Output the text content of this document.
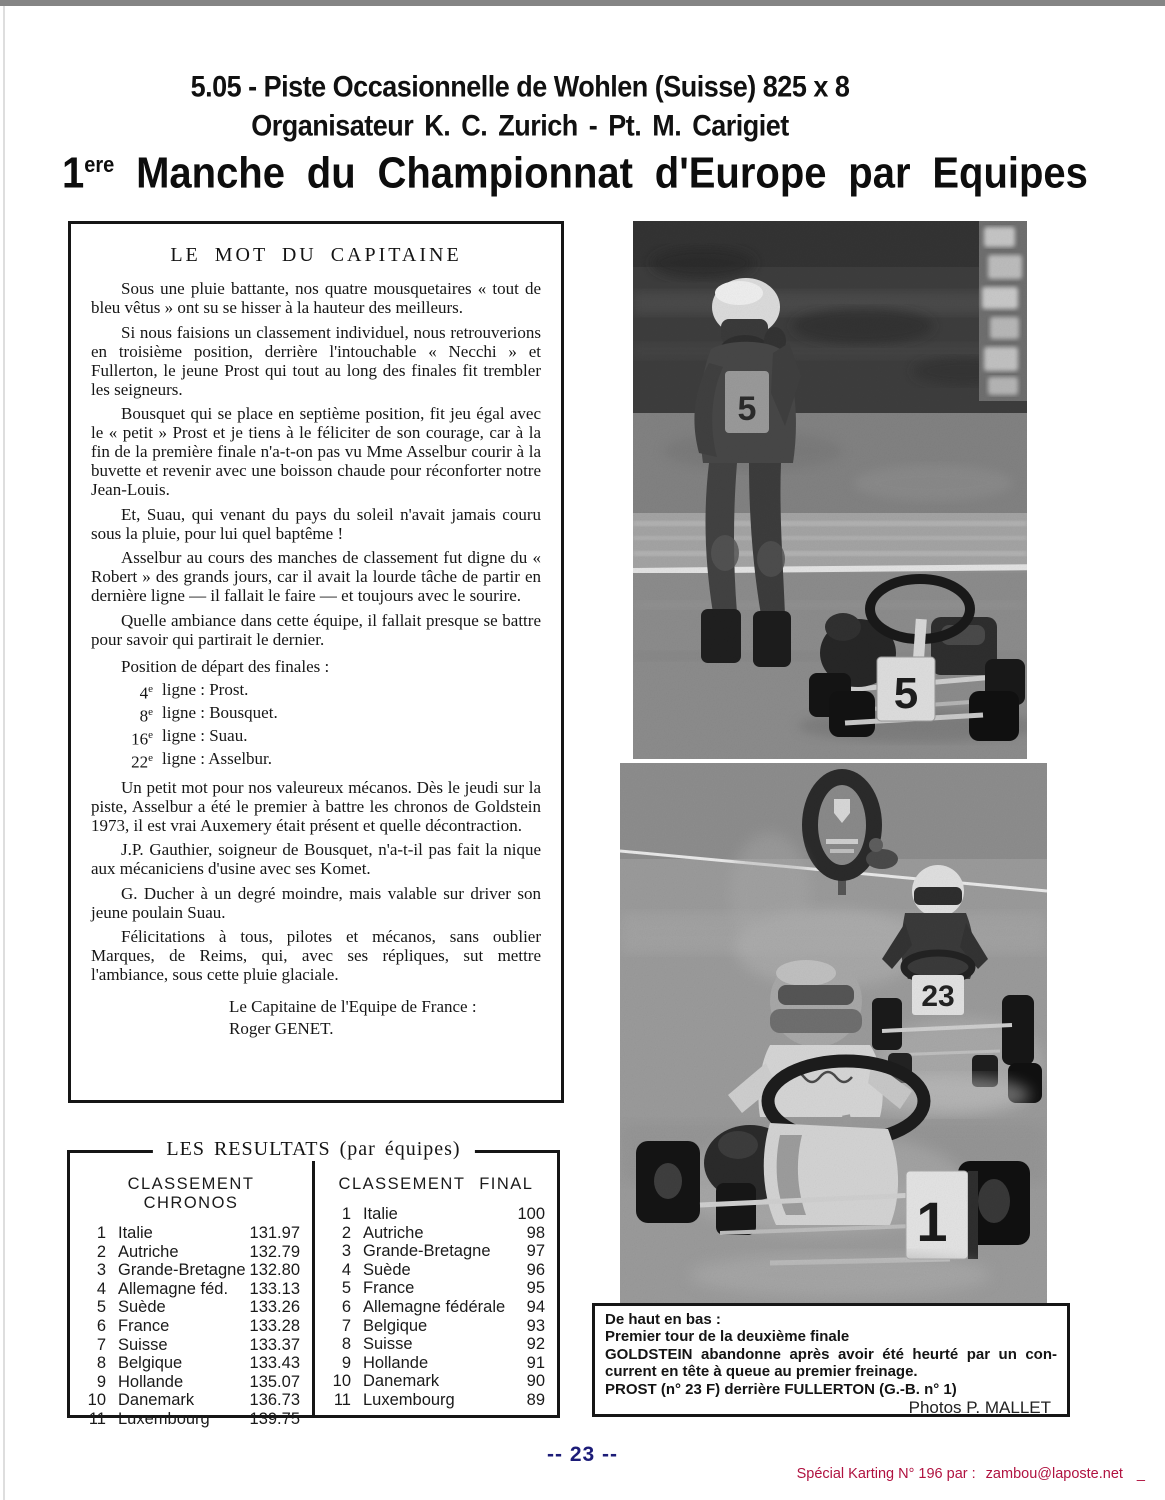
5.05 - Piste Occasionnelle de Wohlen (Suisse) 825 x 8
Organisateur K. C. Zurich - Pt. M. Carigiet
1ere Manche du Championnat d'Europe par Equipes
LE MOT DU CAPITAINE

Sous une pluie battante, nos quatre mousquetaires « tout de bleu vêtus » ont su se hisser à la hauteur des meilleurs.

Si nous faisions un classement individuel, nous retrouverions en troisième position, derrière l'intouchable « Necchi » et Fullerton, le jeune Prost qui tout au long des finales fit trembler les seigneurs.

Bousquet qui se place en septième position, fit jeu égal avec le « petit » Prost et je tiens à le féliciter de son courage, car à la fin de la première finale n'a-t-on pas vu Mme Asselbur courir à la buvette et revenir avec une boisson chaude pour réconforter notre Jean-Louis.

Et, Suau, qui venant du pays du soleil n'avait jamais couru sous la pluie, pour lui quel baptême !

Asselbur au cours des manches de classement fut digne du « Robert » des grands jours, car il avait la lourde tâche de partir en dernière ligne — il fallait le faire — et toujours avec le sourire.

Quelle ambiance dans cette équipe, il fallait presque se battre pour savoir qui partirait le dernier.

Position de départ des finales :

4e ligne : Prost.
8e ligne : Bousquet.
16e ligne : Suau.
22e ligne : Asselbur.

Un petit mot pour nos valeureux mécanos. Dès le jeudi sur la piste, Asselbur a été le premier à battre les chronos de Goldstein 1973, il est vrai Auxemery était présent et quelle décontraction.

J.P. Gauthier, soigneur de Bousquet, n'a-t-il pas fait la nique aux mécaniciens d'usine avec ses Komet.

G. Ducher à un degré moindre, mais valable sur driver son jeune poulain Suau.

Félicitations à tous, pilotes et mécanos, sans oublier Marques, de Reims, qui, avec ses répliques, sut mettre l'ambiance, sous cette pluie glaciale.

Le Capitaine de l'Equipe de France :
Roger GENET.
5
5
23
1
LES RESULTATS (par équipes)
CLASSEMENT CHRONOS
1 Italie	131.97
2 Autriche	132.79
3 Grande-Bretagne 132.80
4 Allemagne féd.	133.13
5 Suède	133.26
6 France	133.28
7 Suisse	133.37
8 Belgique	133.43
9 Hollande	135.07
10 Danemark	136.73
11 Luxembourg	139.75
CLASSEMENT FINAL
1 Italie	100
2 Autriche	98
3 Grande-Bretagne	97
4 Suède	96
5 France	95
6 Allemagne fédérale	94
7 Belgique	93
8 Suisse	92
9 Hollande	91
10 Danemark	90
11 Luxembourg	89
De haut en bas :
Premier tour de la deuxième finale
GOLDSTEIN abandonne après avoir été heurté par un con-
current en tête à queue au premier freinage.
PROST (n° 23 F) derrière FULLERTON (G.-B. n° 1)
Photos P. MALLET
-- 23 --
Spécial Karting N° 196 par : zambou@laposte.net _
